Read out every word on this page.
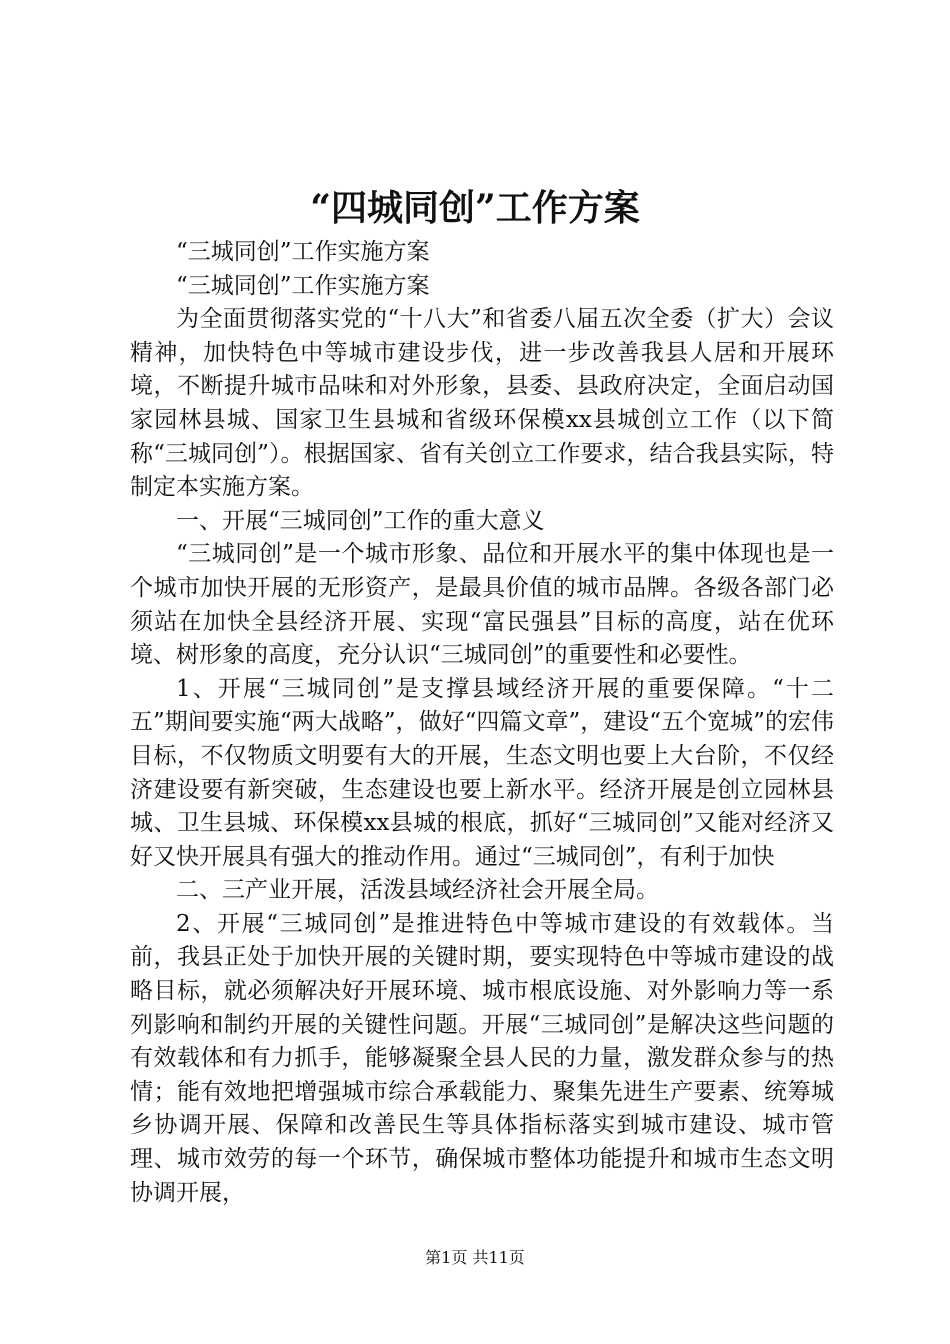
“四城同创”工作方案

“三城同创”工作实施方案

“三城同创”工作实施方案

为全面贯彻落实党的“十八大”和省委八届五次全委（扩大）会议精神，加快特色中等城市建设步伐，进一步改善我县人居和开展环境，不断提升城市品味和对外形象，县委、县政府决定，全面启动国家园林县城、国家卫生县城和省级环保模xx县城创立工作（以下简称“三城同创”）。根据国家、省有关创立工作要求，结合我县实际，特制定本实施方案。

一、开展“三城同创”工作的重大意义

“三城同创”是一个城市形象、品位和开展水平的集中体现也是一个城市加快开展的无形资产，是最具价值的城市品牌。各级各部门必须站在加快全县经济开展、实现“富民强县”目标的高度，站在优环境、树形象的高度，充分认识“三城同创”的重要性和必要性。

1、开展“三城同创”是支撑县域经济开展的重要保障。“十二五”期间要实施“两大战略”，做好“四篇文章”，建设“五个宽城”的宏伟目标，不仅物质文明要有大的开展，生态文明也要上大台阶，不仅经济建设要有新突破，生态建设也要上新水平。经济开展是创立园林县城、卫生县城、环保模xx县城的根底，抓好“三城同创”又能对经济又好又快开展具有强大的推动作用。通过“三城同创”，有利于加快

二、三产业开展，活泼县域经济社会开展全局。

2、开展“三城同创”是推进特色中等城市建设的有效载体。当前，我县正处于加快开展的关键时期，要实现特色中等城市建设的战略目标，就必须解决好开展环境、城市根底设施、对外影响力等一系列影响和制约开展的关键性问题。开展“三城同创”是解决这些问题的有效载体和有力抓手，能够凝聚全县人民的力量，激发群众参与的热情；能有效地把增强城市综合承载能力、聚集先进生产要素、统筹城乡协调开展、保障和改善民生等具体指标落实到城市建设、城市管理、城市效劳的每一个环节，确保城市整体功能提升和城市生态文明协调开展，

第1页 共11页
